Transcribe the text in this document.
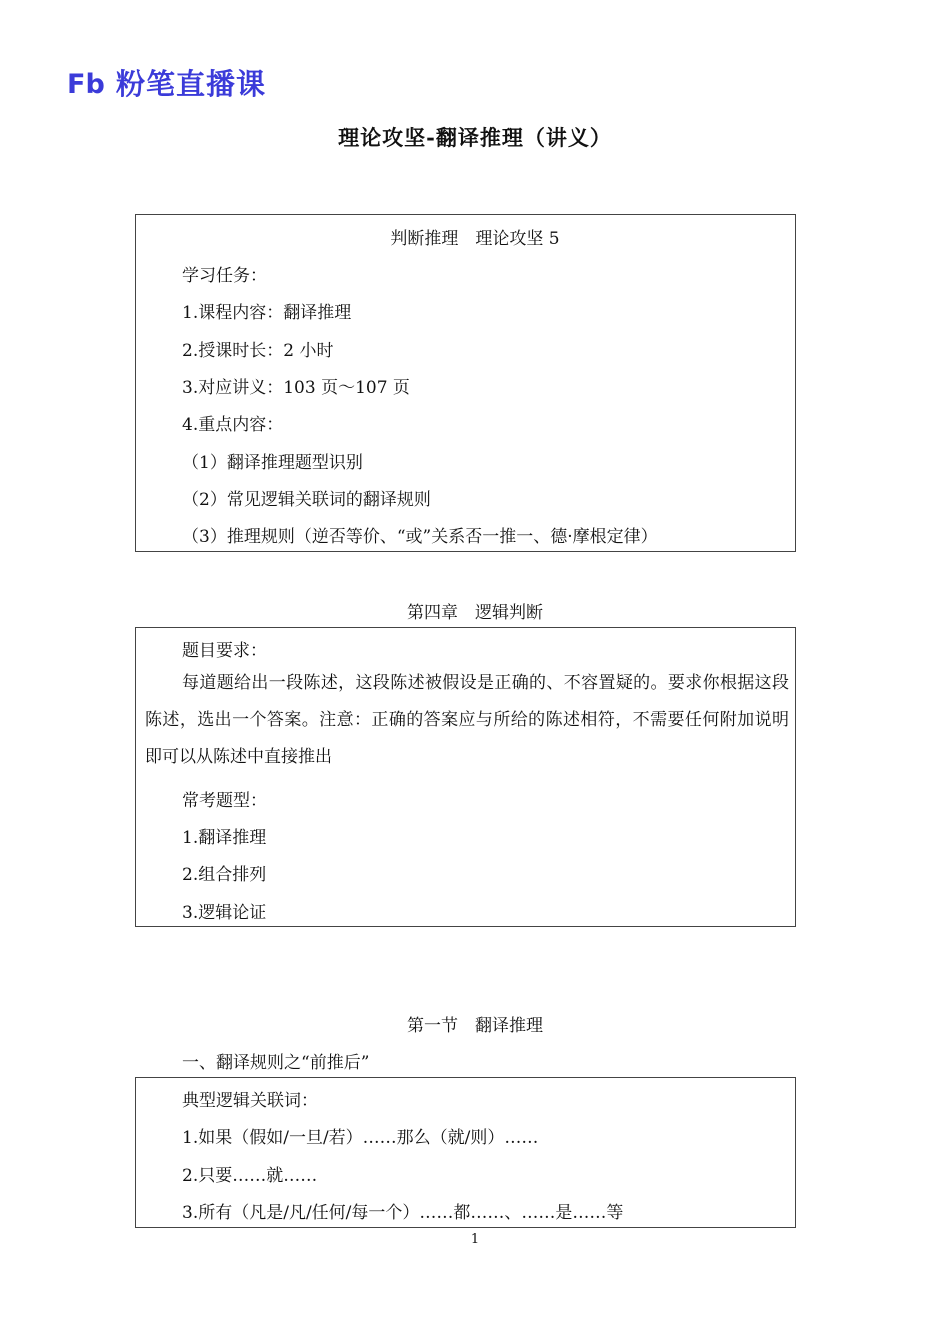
Fb 粉笔直播课
理论攻坚-翻译推理（讲义）
判断推理　理论攻坚 5
学习任务：
1.课程内容：翻译推理
2.授课时长：2 小时
3.对应讲义：103 页～107 页
4.重点内容：
（1）翻译推理题型识别
（2）常见逻辑关联词的翻译规则
（3）推理规则（逆否等价、“或”关系否一推一、德·摩根定律）
第四章　逻辑判断
题目要求：
每道题给出一段陈述，这段陈述被假设是正确的、不容置疑的。要求你根据这段陈述，选出一个答案。注意：正确的答案应与所给的陈述相符，不需要任何附加说明即可以从陈述中直接推出
常考题型：
1.翻译推理
2.组合排列
3.逻辑论证
第一节　翻译推理
一、翻译规则之“前推后”
典型逻辑关联词：
1.如果（假如/一旦/若）……那么（就/则）……
2.只要……就……
3.所有（凡是/凡/任何/每一个）……都……、……是……等
1
